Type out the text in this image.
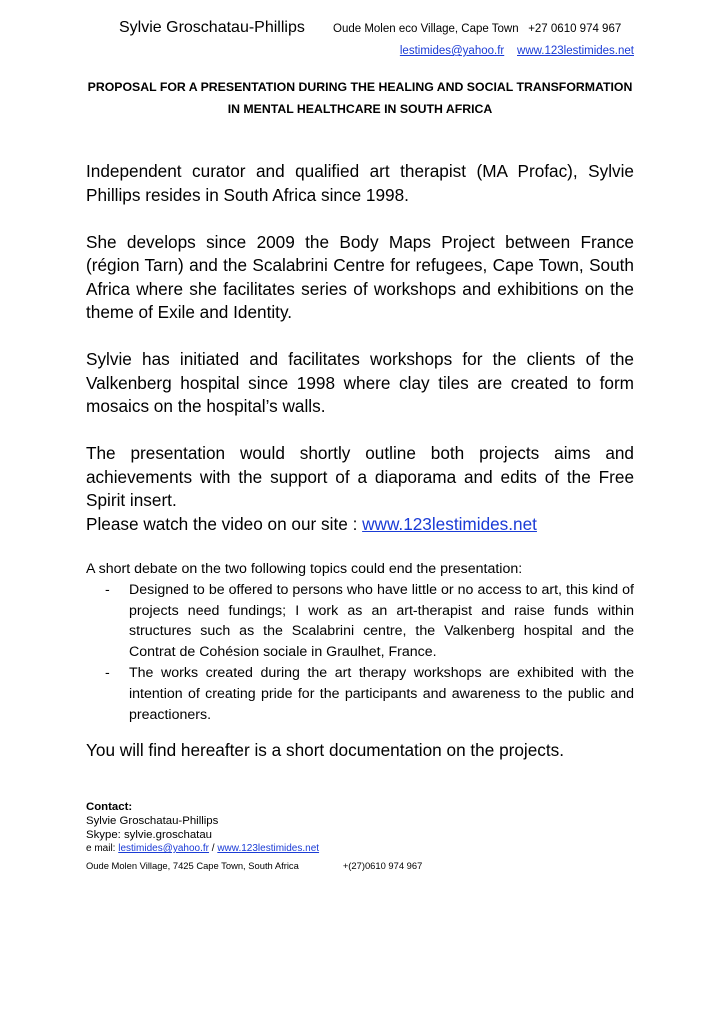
Sylvie Groschatau-Phillips Oude Molen eco Village, Cape Town   +27 0610 974 967
lestimides@yahoo.fr www.123lestimides.net
PROPOSAL FOR A PRESENTATION DURING THE HEALING AND SOCIAL TRANSFORMATION
IN MENTAL HEALTHCARE IN SOUTH AFRICA

Independent curator and qualified art therapist (MA Profac), Sylvie Phillips resides in South Africa since 1998.

She develops since 2009 the Body Maps Project between France (région Tarn) and the Scalabrini Centre for refugees, Cape Town, South Africa where she facilitates series of workshops and exhibitions on the theme of Exile and Identity.

Sylvie has initiated and facilitates workshops for the clients of the Valkenberg hospital since 1998 where clay tiles are created to form mosaics on the hospital’s walls.

The presentation would shortly outline both projects aims and achievements with the support of a diaporama and edits of the Free Spirit insert.

Please watch the video on our site : www.123lestimides.net

A short debate on the two following topics could end the presentation:

- Designed to be offered to persons who have little or no access to art, this kind of projects need fundings; I work as an art-therapist and raise funds within structures such as the Scalabrini centre, the Valkenberg hospital and the Contrat de Cohésion sociale in Graulhet, France.
- The works created during the art therapy workshops are exhibited with the intention of creating pride for the participants and awareness to the public and preactioners.
You will find hereafter is a short documentation on the projects.
Contact:
Sylvie Groschatau-Phillips
Skype: sylvie.groschatau
e mail: lestimides@yahoo.fr / www.123lestimides.net
Oude Molen Village, 7425 Cape Town, South Africa	+(27)0610 974 967
